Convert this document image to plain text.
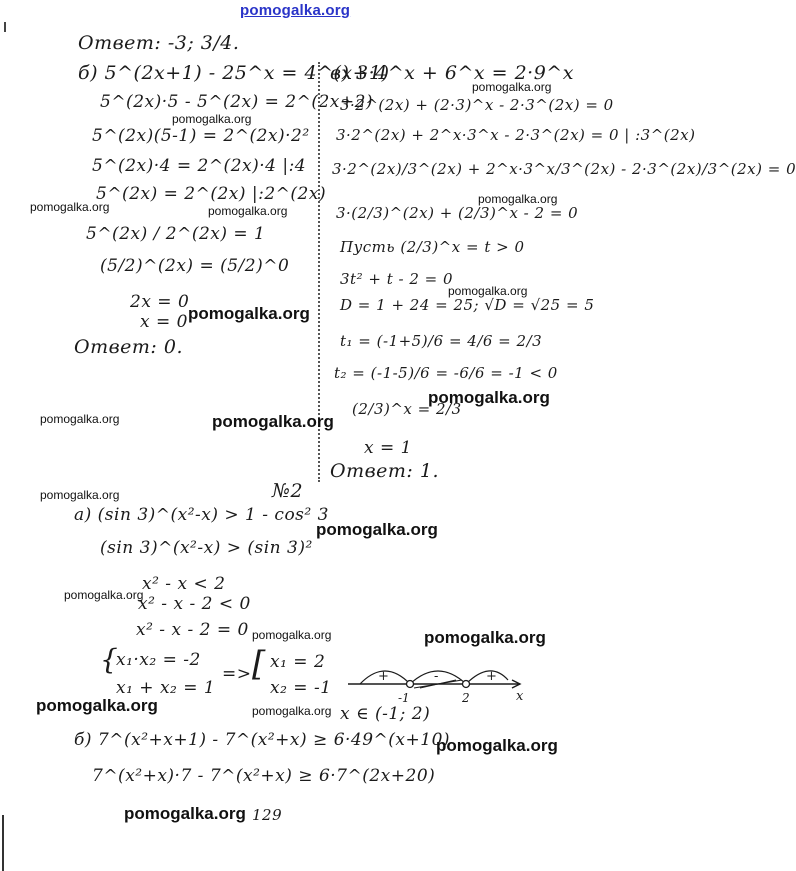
pomogalka.org
Ответ: -3; 3/4.
б) 5^(2x+1) - 25^x = 4^(x+1)
5^(2x)·5 - 5^(2x) = 2^(2x+2)
5^(2x)(5-1) = 2^(2x)·2²
5^(2x)·4 = 2^(2x)·4 |:4
5^(2x) = 2^(2x) |:2^(2x)
5^(2x) / 2^(2x) = 1
(5/2)^(2x) = (5/2)^0
2x = 0
x = 0
Ответ: 0.
в) 3·4^x + 6^x = 2·9^x
3·2^(2x) + (2·3)^x - 2·3^(2x) = 0
3·2^(2x) + 2^x·3^x - 2·3^(2x) = 0 | :3^(2x)
3·2^(2x)/3^(2x) + 2^x·3^x/3^(2x) - 2·3^(2x)/3^(2x) = 0
3·(2/3)^(2x) + (2/3)^x - 2 = 0
Пусть (2/3)^x = t > 0
3t² + t - 2 = 0
D = 1 + 24 = 25; √D = √25 = 5
t₁ = (-1+5)/6 = 4/6 = 2/3
t₂ = (-1-5)/6 = -6/6 = -1 < 0
(2/3)^x = 2/3
x = 1
Ответ: 1.
№2
а) (sin 3)^(x²-x) > 1 - cos² 3
(sin 3)^(x²-x) > (sin 3)²
x² - x < 2
x² - x - 2 < 0
x² - x - 2 = 0
{
x₁·x₂ = -2
x₁ + x₂ = 1
=> [ x₁ = 2
x₂ = -1
+	-	+
-1	2	x
x ∈ (-1; 2)
б) 7^(x²+x+1) - 7^(x²+x) ≥ 6·49^(x+10)
7^(x²+x)·7 - 7^(x²+x) ≥ 6·7^(2x+20)
129
pomogalka.org
pomogalka.org
pomogalka.org
pomogalka.org	pomogalka.org
pomogalka.org
pomogalka.org
pomogalka.org
pomogalka.org	pomogalka.org
pomogalka.org
pomogalka.org
pomogalka.org
pomogalka.org	pomogalka.org
pomogalka.org	pomogalka.org
pomogalka.org
pomogalka.org
